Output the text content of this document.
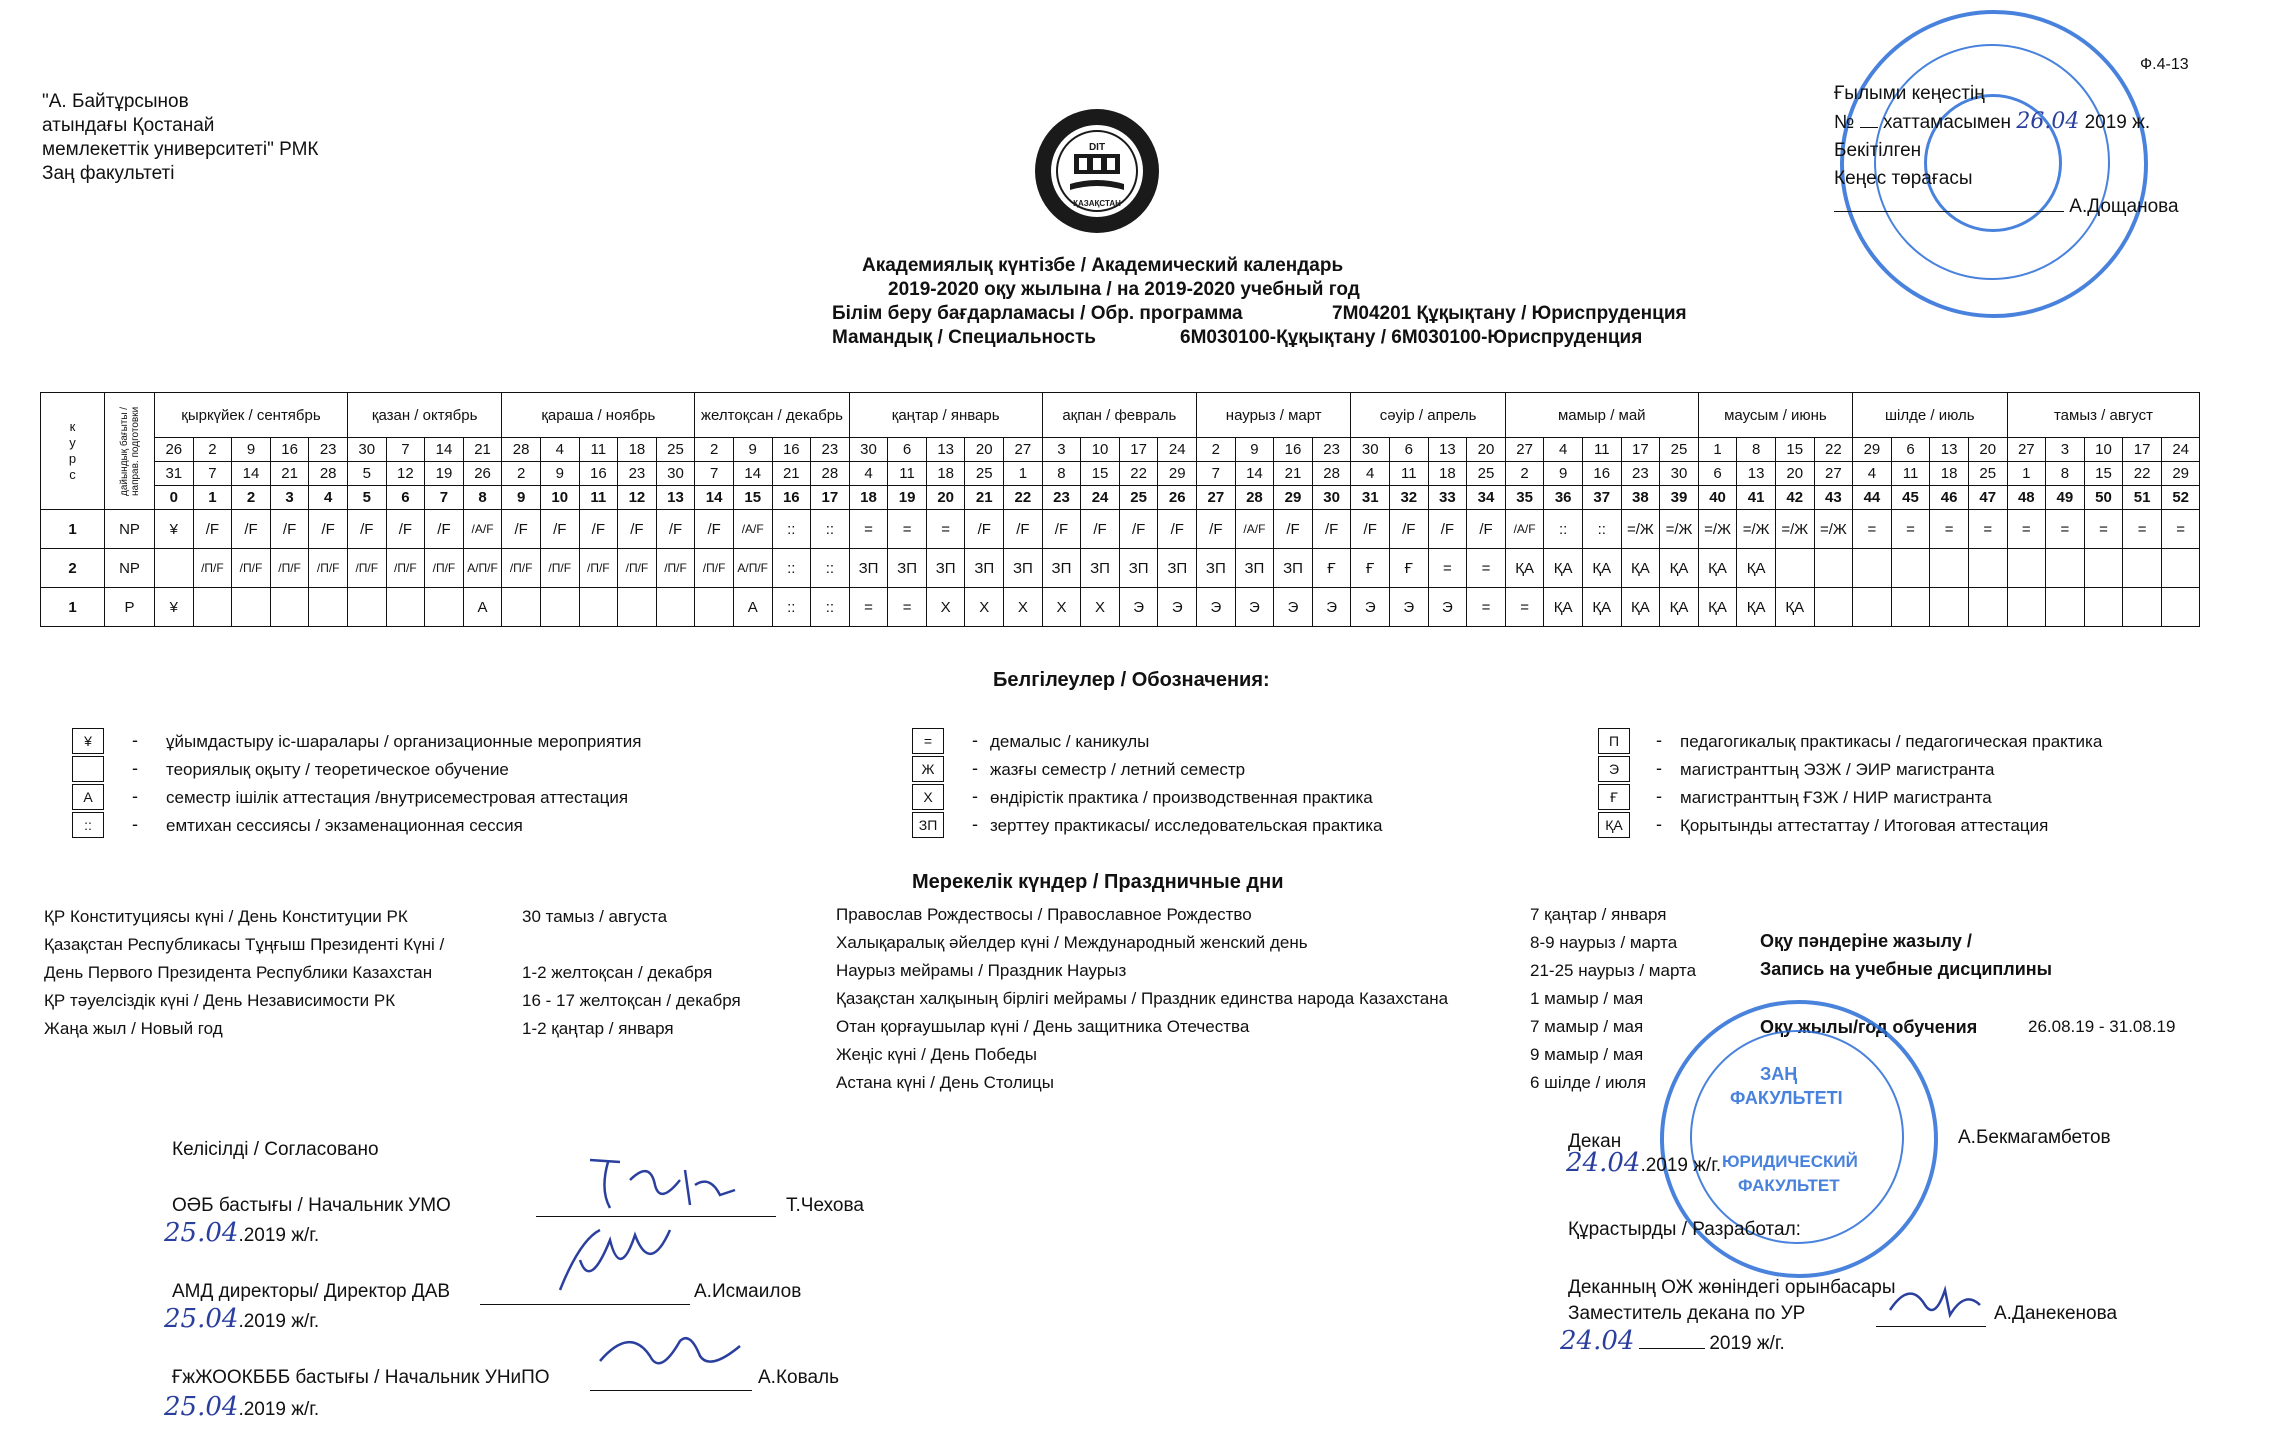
Ф.4-13
"А. Байтұрсынов
атындағы Қостанай
мемлекеттік университеті" РМК
Заң факультеті
DIT
ҚАЗАҚСТАН
Ғылыми кеңестің
№ хаттамасымен 26.04 2019 ж.
Бекітілген
Кеңес төрағасы
А.Дощанова
Академиялық күнтізбе / Академический календарь
2019-2020 оқу жылына / на 2019-2020 учебный год
Білім беру бағдарламасы / Обр. программа	7М04201 Құқықтану / Юриспруденция
Мамандық / Специальность	6М030100-Құқықтану / 6М030100-Юриспруденция
к у р с	дайындық бағыты / направ. подготовки	қыркүйек / сентябрь					қазан / октябрь				қараша / ноябрь					желтоқсан / декабрь				қаңтар / январь					ақпан / февраль				наурыз / март				сәуір / апрель				мамыр / май					маусым / июнь				шілде / июль				тамыз / август				
		26	2	9	16	23	30	7	14	21	28	4	11	18	25	2	9	16	23	30	6	13	20	27	3	10	17	24	2	9	16	23	30	6	13	20	27	4	11	17	25	1	8	15	22	29	6	13	20	27	3	10	17	24
		31	7	14	21	28	5	12	19	26	2	9	16	23	30	7	14	21	28	4	11	18	25	1	8	15	22	29	7	14	21	28	4	11	18	25	2	9	16	23	30	6	13	20	27	4	11	18	25	1	8	15	22	29
		0	1	2	3	4	5	6	7	8	9	10	11	12	13	14	15	16	17	18	19	20	21	22	23	24	25	26	27	28	29	30	31	32	33	34	35	36	37	38	39	40	41	42	43	44	45	46	47	48	49	50	51	52
1	NP	¥	/F	/F	/F	/F	/F	/F	/F	/A/F	/F	/F	/F	/F	/F	/F	/A/F	::	::	=	=	=	/F	/F	/F	/F	/F	/F	/F	/A/F	/F	/F	/F	/F	/F	/F	/A/F	::	::	=/Ж	=/Ж	=/Ж	=/Ж	=/Ж	=/Ж	=	=	=	=	=	=	=	=	=
2	NP		/П/F	/П/F	/П/F	/П/F	/П/F	/П/F	/П/F	А/П/F	/П/F	/П/F	/П/F	/П/F	/П/F	/П/F	А/П/F	::	::	ЗП	ЗП	ЗП	ЗП	ЗП	ЗП	ЗП	ЗП	ЗП	ЗП	ЗП	ЗП	Ғ	Ғ	Ғ	=	=	ҚА	ҚА	ҚА	ҚА	ҚА	ҚА	ҚА											
1	P	¥								А							А	::	::	=	=	Х	Х	Х	Х	Х	Э	Э	Э	Э	Э	Э	Э	Э	Э	=	=	ҚА	ҚА	ҚА	ҚА	ҚА	ҚА	ҚА										
Белгілеулер / Обозначения:
¥	- ұйымдастыру іс-шаралары / организационные мероприятия
- теориялық оқыту / теоретическое обучение
А	- семестр ішілік аттестация /внутрисеместровая аттестация
::	- емтихан сессиясы / экзаменационная сессия
=	- демалыс / каникулы
Ж	- жазғы семестр / летний семестр
Х	- өндірістік практика / производственная практика
ЗП	- зерттеу практикасы/ исследовательская практика
П	- педагогикалық практикасы / педагогическая практика
Э	- магистранттың ЭЗЖ / ЭИР магистранта
Ғ	- магистранттың ҒЗЖ / НИР магистранта
ҚА	- Қорытынды аттестаттау / Итоговая аттестация
Мерекелік күндер / Праздничные дни
ҚР Конституциясы күні / День Конституции РК	30 тамыз / августа
Қазақстан Республикасы Тұңғыш Президенті Күні /
День Первого Президента Республики Казахстан	1-2 желтоқсан / декабря
ҚР тәуелсіздік күні / День Независимости РК	16 - 17 желтоқсан / декабря
Жаңа жыл / Новый год	1-2 қаңтар / января
Православ Рождествосы / Православное Рождество	7 қаңтар / января
Халықаралық әйелдер күні / Международный женский день	8-9 наурыз / марта
Наурыз мейрамы / Праздник Наурыз	21-25 наурыз / марта
Қазақстан халқының бірлігі мейрамы / Праздник единства народа Казахстана	1 мамыр / мая
Отан қорғаушылар күні / День защитника Отечества	7 мамыр / мая
Жеңіс күні / День Победы	9 мамыр / мая
Астана күні / День Столицы	6 шілде / июля
Оқу пәндеріне жазылу /
Запись на учебные дисциплины
Оқу жылы/год обучения	26.08.19 - 31.08.19
Келісілді / Согласовано
ОӘБ бастығы / Начальник УМО	Т.Чехова
25.04.2019 ж/г.
АМД директоры/ Директор ДАВ	А.Исмаилов
25.04.2019 ж/г.
ҒжЖООКБББ бастығы / Начальник УНиПО	А.Коваль
25.04.2019 ж/г.
ЗАҢ
ФАКУЛЬТЕТІ
ЮРИДИЧЕСКИЙ
ФАКУЛЬТЕТ
Декан	А.Бекмагамбетов
24.04.2019 ж/г.
Құрастырды / Разработал:
Деканның ОЖ жөніндегі орынбасары
Заместитель декана по УР	А.Данекенова
24.04	2019 ж/г.
